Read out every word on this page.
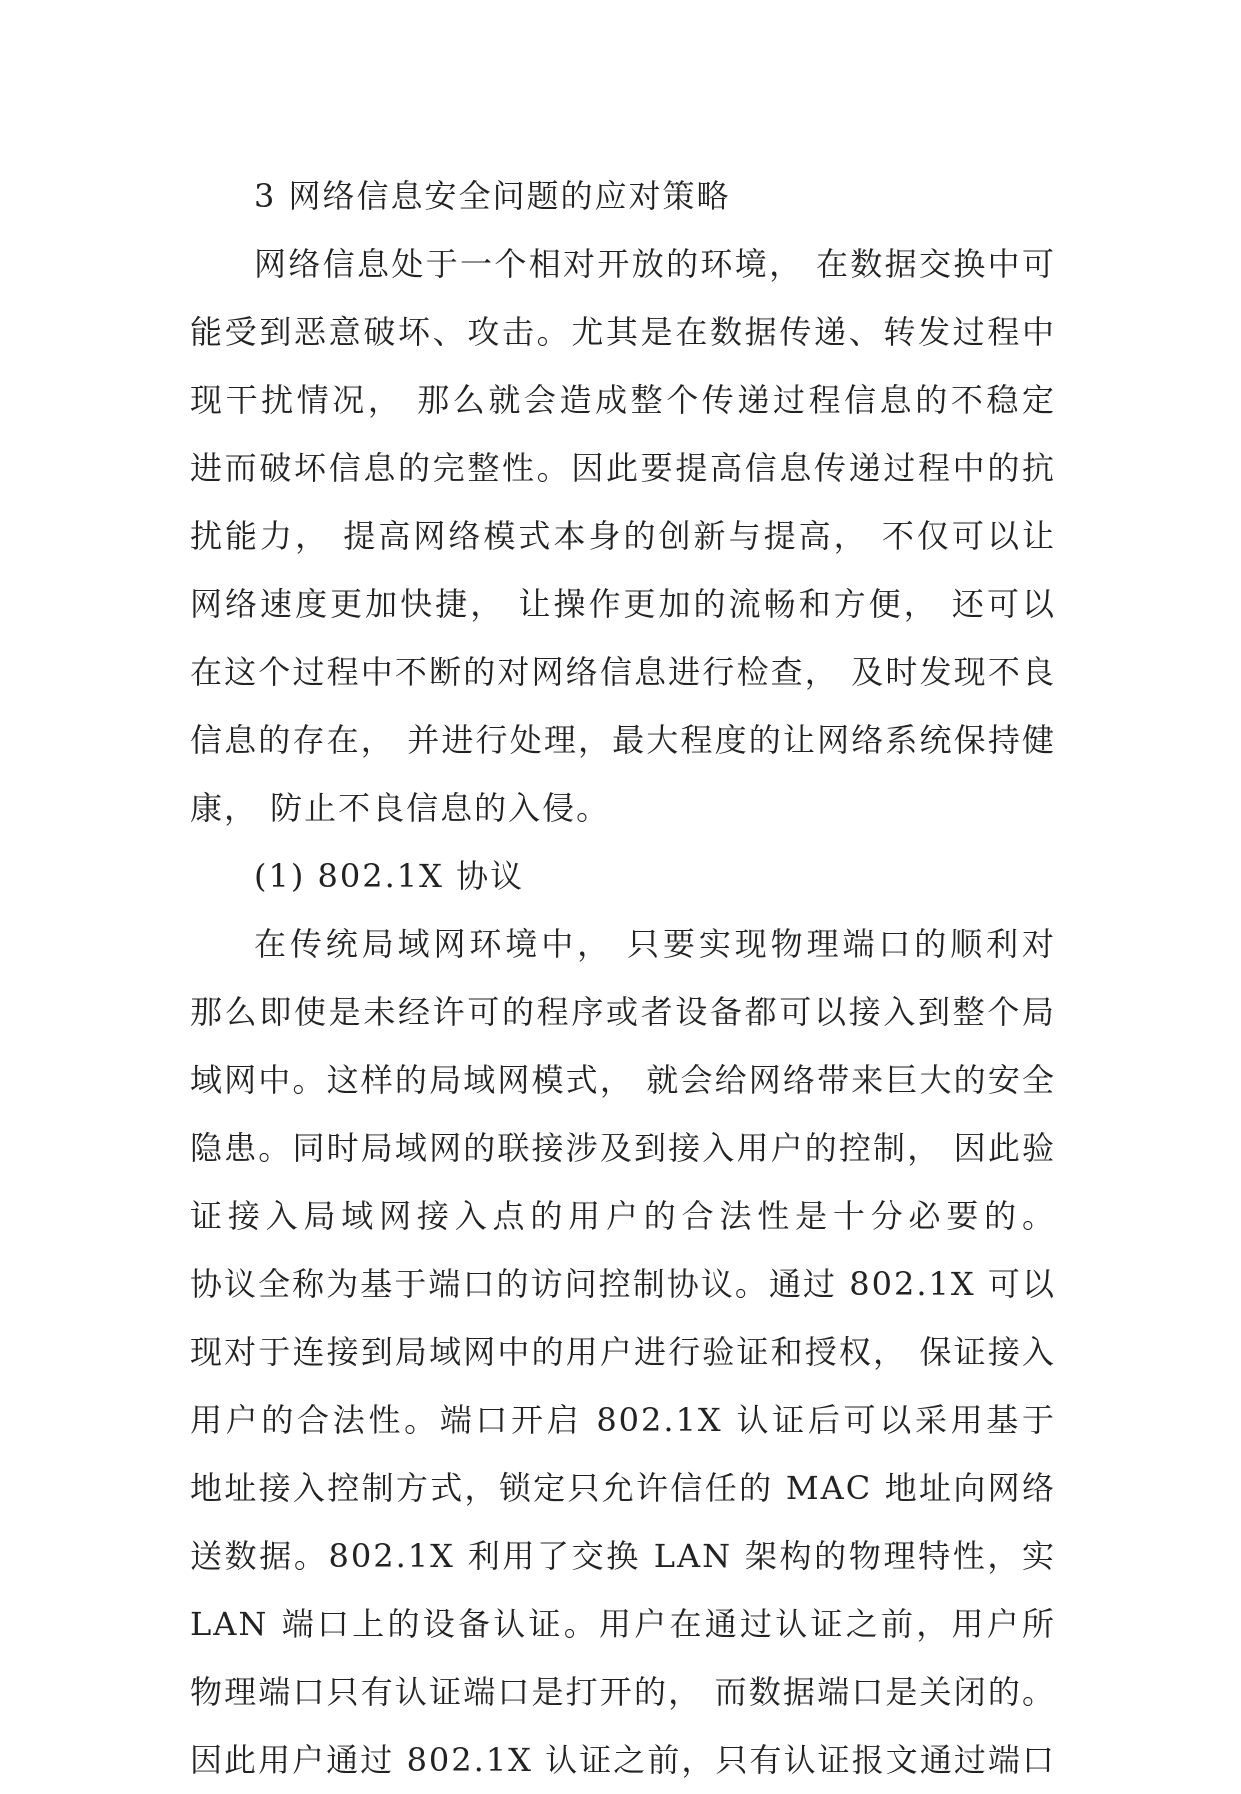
3 网络信息安全问题的应对策略
网络信息处于一个相对开放的环境， 在数据交换中可
能受到恶意破坏、攻击。尤其是在数据传递、转发过程中
现干扰情况， 那么就会造成整个传递过程信息的不稳定
进而破坏信息的完整性。因此要提高信息传递过程中的抗
扰能力， 提高网络模式本身的创新与提高， 不仅可以让
网络速度更加快捷， 让操作更加的流畅和方便， 还可以
在这个过程中不断的对网络信息进行检查， 及时发现不良
信息的存在， 并进行处理，最大程度的让网络系统保持健
康， 防止不良信息的入侵。
(1) 802.1X 协议
在传统局域网环境中， 只要实现物理端口的顺利对
那么即使是未经许可的程序或者设备都可以接入到整个局
域网中。这样的局域网模式， 就会给网络带来巨大的安全
隐患。同时局域网的联接涉及到接入用户的控制， 因此验
证接入局域网接入点的用户的合法性是十分必要的。
协议全称为基于端口的访问控制协议。通过 802.1X 可以
现对于连接到局域网中的用户进行验证和授权， 保证接入
用户的合法性。端口开启 802.1X 认证后可以采用基于
地址接入控制方式，锁定只允许信任的 MAC 地址向网络
送数据。802.1X 利用了交换 LAN 架构的物理特性，实
LAN 端口上的设备认证。用户在通过认证之前，用户所
物理端口只有认证端口是打开的， 而数据端口是关闭的。
因此用户通过 802.1X 认证之前，只有认证报文通过端口
